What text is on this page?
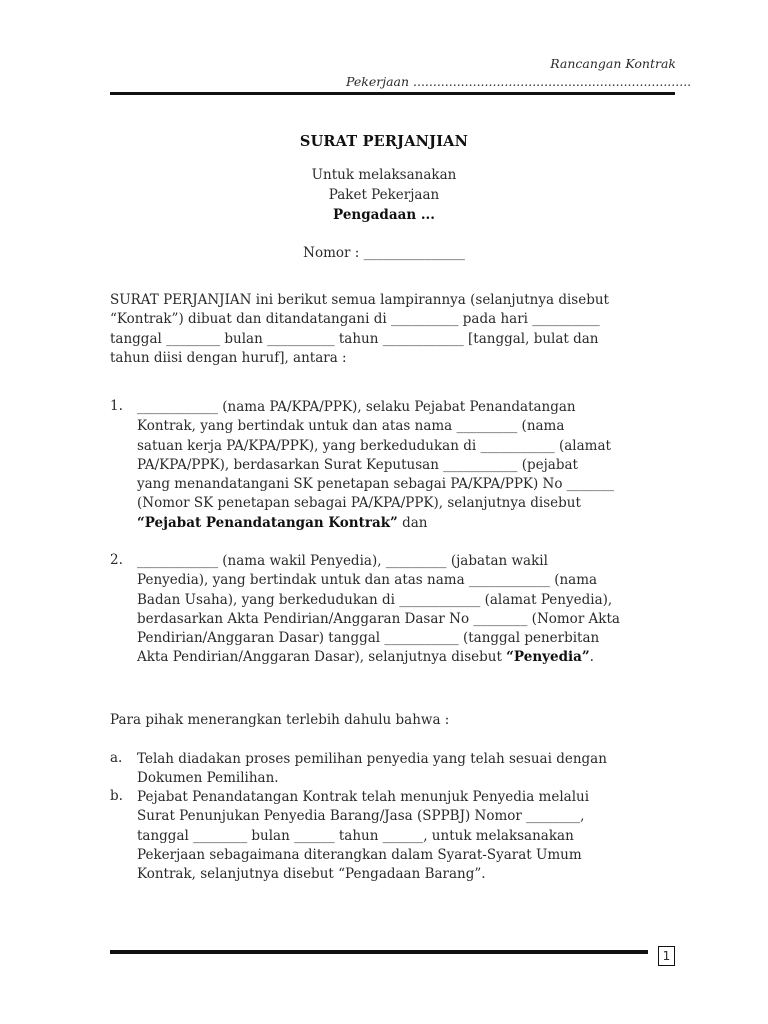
Rancangan Kontrak
Pekerjaan ......................................................................
SURAT PERJANJIAN
Untuk melaksanakan
Paket Pekerjaan
Pengadaan ...
Nomor : _______________

SURAT PERJANJIAN ini berikut semua lampirannya (selanjutnya disebut

“Kontrak”) dibuat dan ditandatangani di __________ pada hari __________

tanggal ________ bulan __________ tahun ____________ [tanggal, bulat dan

tahun diisi dengan huruf], antara :

1. ____________ (nama PA/KPA/PPK), selaku Pejabat Penandatangan

Kontrak, yang bertindak untuk dan atas nama _________ (nama

satuan kerja PA/KPA/PPK), yang berkedudukan di ___________ (alamat

PA/KPA/PPK), berdasarkan Surat Keputusan ___________ (pejabat

yang menandatangani SK penetapan sebagai PA/KPA/PPK) No _______

(Nomor SK penetapan sebagai PA/KPA/PPK), selanjutnya disebut

“Pejabat Penandatangan Kontrak” dan

2. ____________ (nama wakil Penyedia), _________ (jabatan wakil

Penyedia), yang bertindak untuk dan atas nama ____________ (nama

Badan Usaha), yang berkedudukan di ____________ (alamat Penyedia),

berdasarkan Akta Pendirian/Anggaran Dasar No ________ (Nomor Akta

Pendirian/Anggaran Dasar) tanggal ___________ (tanggal penerbitan

Akta Pendirian/Anggaran Dasar), selanjutnya disebut “Penyedia”.

Para pihak menerangkan terlebih dahulu bahwa :
a. Telah diadakan proses pemilihan penyedia yang telah sesuai dengan

Dokumen Pemilihan.

b. Pejabat Penandatangan Kontrak telah menunjuk Penyedia melalui

Surat Penunjukan Penyedia Barang/Jasa (SPPBJ) Nomor ________,

tanggal ________ bulan ______ tahun ______, untuk melaksanakan

Pekerjaan sebagaimana diterangkan dalam Syarat-Syarat Umum

Kontrak, selanjutnya disebut “Pengadaan Barang”.

1
